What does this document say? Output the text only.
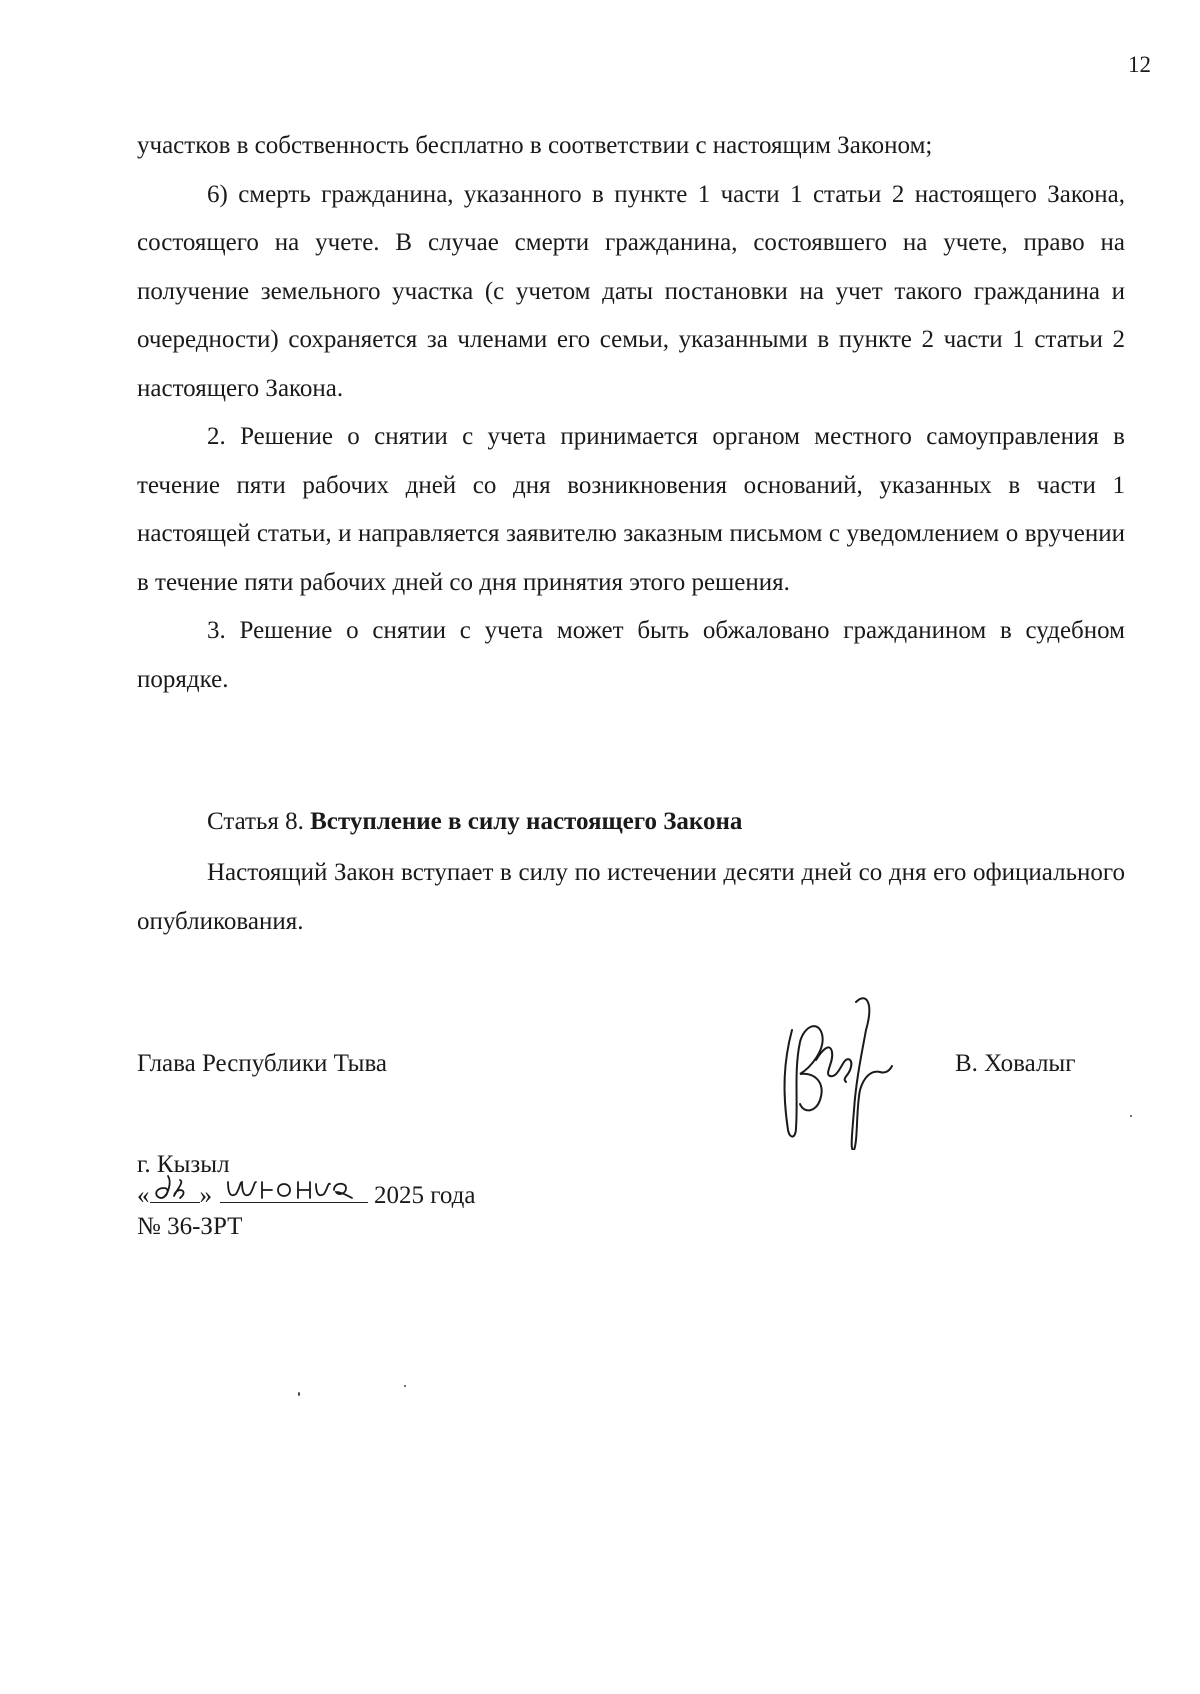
12

участков в собственность бесплатно в соответствии с настоящим Законом;

6) смерть гражданина, указанного в пункте 1 части 1 статьи 2 настоящего Закона, состоящего на учете. В случае смерти гражданина, состоявшего на учете, право на получение земельного участка (с учетом даты постановки на учет такого гражданина и очередности) сохраняется за членами его семьи, указанными в пункте 2 части 1 статьи 2 настоящего Закона.

2. Решение о снятии с учета принимается органом местного самоуправления в течение пяти рабочих дней со дня возникновения оснований, указанных в части 1 настоящей статьи, и направляется заявителю заказным письмом с уведомлением о вручении в течение пяти рабочих дней со дня принятия этого решения.

3. Решение о снятии с учета может быть обжаловано гражданином в судебном порядке.

Статья 8. Вступление в силу настоящего Закона

Настоящий Закон вступает в силу по истечении десяти дней со дня его официального опубликования.

Глава Республики Тыва	В. Ховалыг
г. Кызыл
« »	2025 года
№ 36-ЗРТ
